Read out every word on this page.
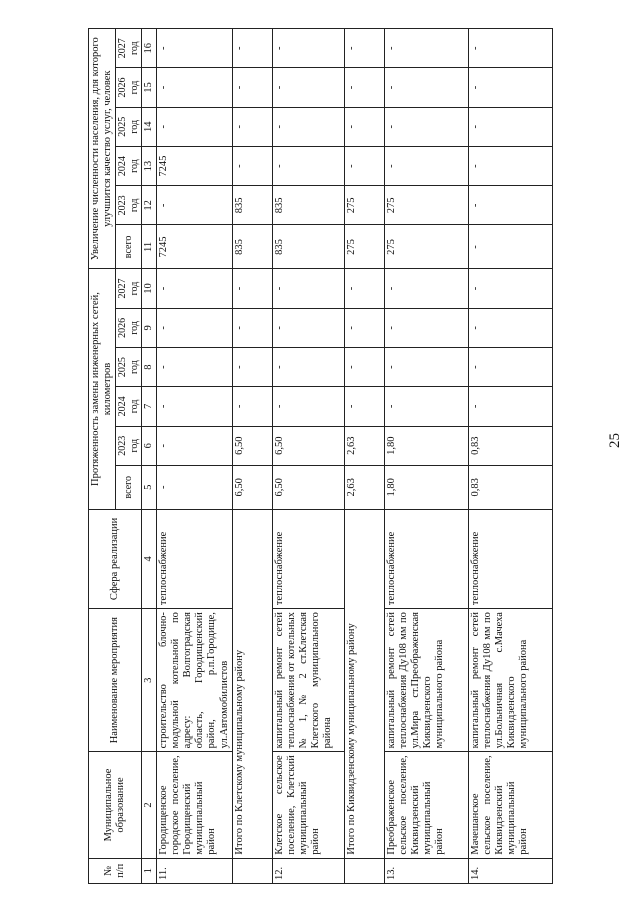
25
№ п/п	Муниципальное образование	Наименование мероприятия	Сфера реализации	Протяженность замены инженерных сетей, километров						Увеличение численности населения, для которого улучшится качество услуг, человек					
				всего	2023 год	2024 год	2025 год	2026 год	2027 год	всего	2023 год	2024 год	2025 год	2026 год	2027 год
1	2	3	4	5	6	7	8	9	10	11	12	13	14	15	16
11.	Городищенское городское поселение, Городищенский муниципальный район	строительство блочно-модульной котельной по адресу: Волгоградская область, Городищенский район, р.п.Городище, ул.Автомобилистов	теплоснабжение	-	-	-	-	-	-	7245	-	7245	-	-	-
	Итого по Клетскому муниципальному району			6,50	6,50	-	-	-	-	835	835	-	-	-	-
12.	Клетское сельское поселение, Клетский муниципальный район	капитальный ремонт сетей теплоснабжения от котельных № 1, № 2 ст.Клетская Клетского муниципального района	теплоснабжение	6,50	6,50	-	-	-	-	835	835	-	-	-	-
	Итого по Киквидзенскому муниципальному району			2,63	2,63	-	-	-	-	275	275	-	-	-	-
13.	Преображенское сельское поселение, Киквидзенский муниципальный район	капитальный ремонт сетей теплоснабжения Ду108 мм по ул.Мира ст.Преображенская Киквидзенского муниципального района	теплоснабжение	1,80	1,80	-	-	-	-	275	275	-	-	-	-
14.	Мачешанское сельское поселение, Киквидзенский муниципальный район	капитальный ремонт сетей теплоснабжения Ду108 мм по ул.Больничная с.Мачеха Киквидзенского муниципального района	теплоснабжение	0,83	0,83	-	-	-	-	-	-	-	-	-	-
